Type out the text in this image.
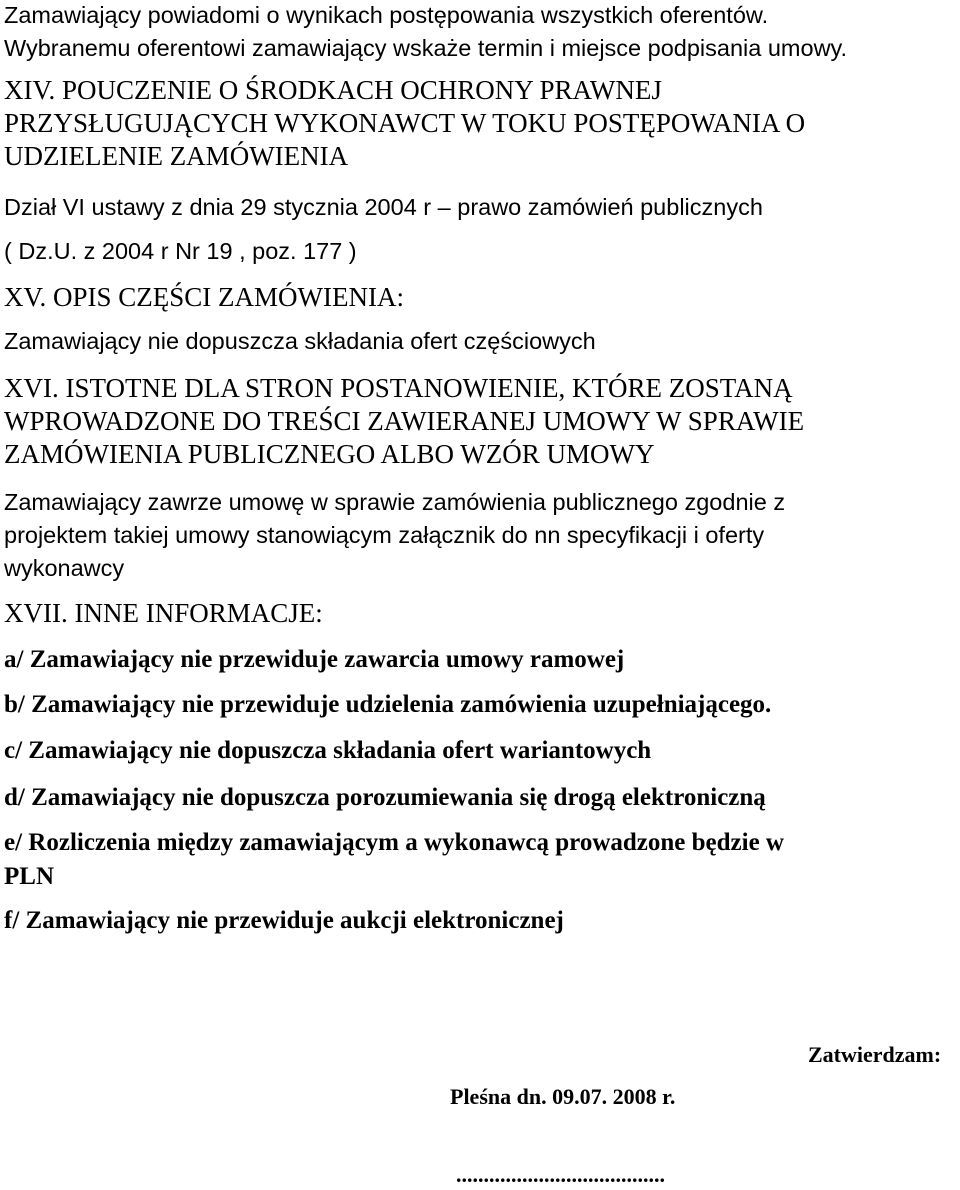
Zamawiający powiadomi o wynikach postępowania wszystkich oferentów.
Wybranemu oferentowi zamawiający wskaże termin i miejsce podpisania umowy.
XIV. POUCZENIE O ŚRODKACH OCHRONY PRAWNEJ
PRZYSŁUGUJĄCYCH WYKONAWCT W TOKU POSTĘPOWANIA O
UDZIELENIE ZAMÓWIENIA
Dział VI ustawy z dnia 29 stycznia 2004 r – prawo zamówień publicznych
( Dz.U. z 2004 r Nr 19 , poz. 177 )
XV. OPIS CZĘŚCI ZAMÓWIENIA:
Zamawiający nie dopuszcza składania ofert częściowych
XVI. ISTOTNE DLA STRON POSTANOWIENIE, KTÓRE ZOSTANĄ
WPROWADZONE DO TREŚCI ZAWIERANEJ UMOWY W SPRAWIE
ZAMÓWIENIA PUBLICZNEGO ALBO WZÓR UMOWY
Zamawiający zawrze umowę w sprawie zamówienia publicznego zgodnie z
projektem takiej umowy stanowiącym załącznik do nn specyfikacji i oferty
wykonawcy
XVII. INNE INFORMACJE:
a/ Zamawiający nie przewiduje zawarcia umowy ramowej
b/ Zamawiający nie przewiduje udzielenia zamówienia uzupełniającego.
c/ Zamawiający nie dopuszcza składania ofert wariantowych
d/ Zamawiający nie dopuszcza porozumiewania się drogą elektroniczną
e/ Rozliczenia między zamawiającym a wykonawcą prowadzone będzie w
PLN
f/ Zamawiający nie przewiduje aukcji elektronicznej
Zatwierdzam:
Pleśna dn. 09.07. 2008 r.
......................................
